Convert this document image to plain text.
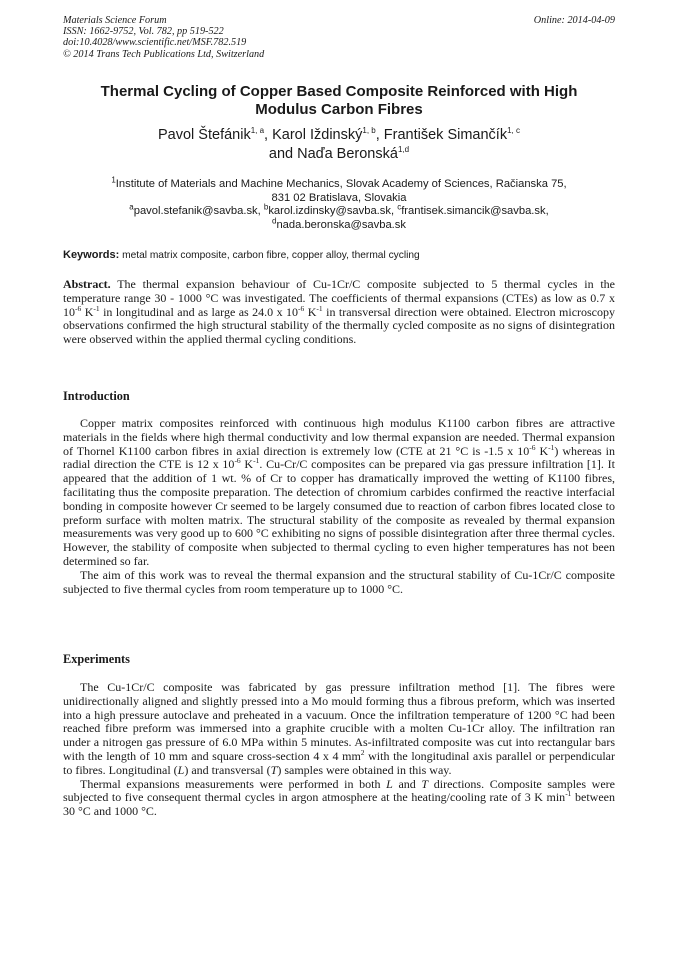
Materials Science Forum
ISSN: 1662-9752, Vol. 782, pp 519-522
doi:10.4028/www.scientific.net/MSF.782.519
© 2014 Trans Tech Publications Ltd, Switzerland
Online: 2014-04-09
Thermal Cycling of Copper Based Composite Reinforced with High
Modulus Carbon Fibres
Pavol Štefánik$^{1, a}$, Karol Iždinský$^{1, b}$, František Simančík$^{1, c}$
and Naďa Beronská$^{1,d}$
$^1$Institute of Materials and Machine Mechanics, Slovak Academy of Sciences, Račianska 75,
831 02 Bratislava, Slovakia
$^a$pavol.stefanik@savba.sk, $^b$karol.izdinsky@savba.sk, $^c$frantisek.simancik@savba.sk,
$^d$nada.beronska@savba.sk
Keywords: metal matrix composite, carbon fibre, copper alloy, thermal cycling

Abstract. The thermal expansion behaviour of Cu-1Cr/C composite subjected to 5 thermal cycles in the temperature range 30 - 1000 °C was investigated. The coefficients of thermal expansions (CTEs) as low as 0.7 x $10^{-6}$ $K^{-1}$ in longitudinal and as large as 24.0 x $10^{-6}$ $K^{-1}$ in transversal direction were obtained. Electron microscopy observations confirmed the high structural stability of the thermally cycled composite as no signs of disintegration were observed within the applied thermal cycling conditions.

Introduction

Copper matrix composites reinforced with continuous high modulus K1100 carbon fibres are attractive materials in the fields where high thermal conductivity and low thermal expansion are needed. Thermal expansion of Thornel K1100 carbon fibres in axial direction is extremely low (CTE at 21 °C is -1.5 x $10^{-6}$ $K^{-1}$) whereas in radial direction the CTE is 12 x $10^{-6}$ $K^{-1}$. Cu-Cr/C composites can be prepared via gas pressure infiltration [1]. It appeared that the addition of 1 wt. % of Cr to copper has dramatically improved the wetting of K1100 fibres, facilitating thus the composite preparation. The detection of chromium carbides confirmed the reactive interfacial bonding in composite however Cr seemed to be largely consumed due to reaction of carbon fibres located close to preform surface with molten matrix. The structural stability of the composite as revealed by thermal expansion measurements was very good up to 600 °C exhibiting no signs of possible disintegration after three thermal cycles. However, the stability of composite when subjected to thermal cycling to even higher temperatures has not been determined so far.

The aim of this work was to reveal the thermal expansion and the structural stability of Cu-1Cr/C composite subjected to five thermal cycles from room temperature up to 1000 °C.

Experiments

The Cu-1Cr/C composite was fabricated by gas pressure infiltration method [1]. The fibres were unidirectionally aligned and slightly pressed into a Mo mould forming thus a fibrous preform, which was inserted into a high pressure autoclave and preheated in a vacuum. Once the infiltration temperature of 1200 °C had been reached fibre preform was immersed into a graphite crucible with a molten Cu-1Cr alloy. The infiltration ran under a nitrogen gas pressure of 6.0 MPa within 5 minutes. As-infiltrated composite was cut into rectangular bars with the length of 10 mm and square cross-section 4 x 4 $mm^2$ with the longitudinal axis parallel or perpendicular to fibres. Longitudinal (L) and transversal (T) samples were obtained in this way.

Thermal expansions measurements were performed in both L and T directions. Composite samples were subjected to five consequent thermal cycles in argon atmosphere at the heating/cooling rate of 3 K $\min^{-1}$ between 30 °C and 1000 °C.
